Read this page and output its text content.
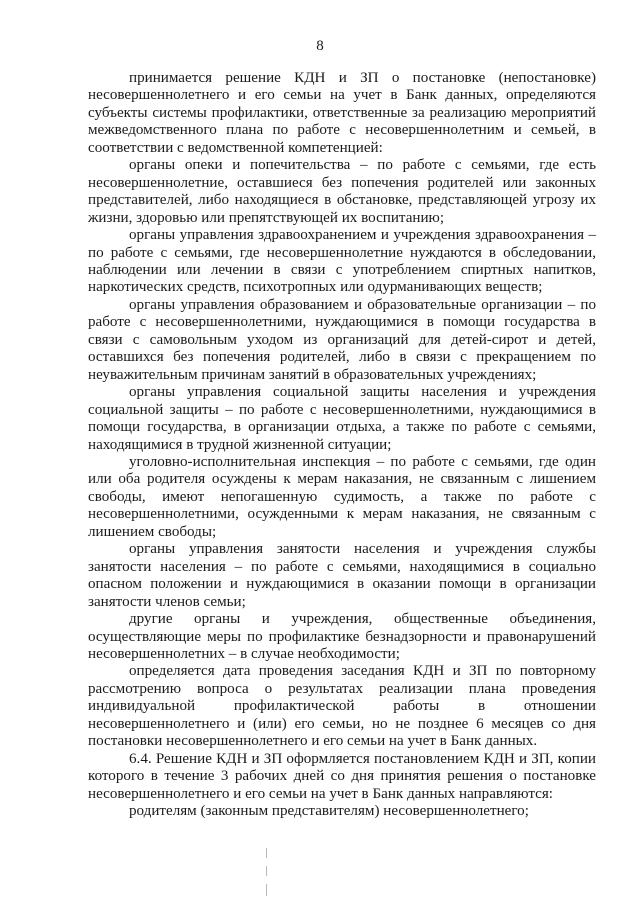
8

принимается решение КДН и ЗП о постановке (непостановке) несовершеннолетнего и его семьи на учет в Банк данных, определяются субъекты системы профилактики, ответственные за реализацию мероприятий межведомственного плана по работе с несовершеннолетним и семьей, в соответствии с ведомственной компетенцией:

органы опеки и попечительства – по работе с семьями, где есть несовершеннолетние, оставшиеся без попечения родителей или законных представителей, либо находящиеся в обстановке, представляющей угрозу их жизни, здоровью или препятствующей их воспитанию;

органы управления здравоохранением и учреждения здравоохранения – по работе с семьями, где несовершеннолетние нуждаются в обследовании, наблюдении или лечении в связи с употреблением спиртных напитков, наркотических средств, психотропных или одурманивающих веществ;

органы управления образованием и образовательные организации – по работе с несовершеннолетними, нуждающимися в помощи государства в связи с самовольным уходом из организаций для детей-сирот и детей, оставшихся без попечения родителей, либо в связи с прекращением по неуважительным причинам занятий в образовательных учреждениях;

органы управления социальной защиты населения и учреждения социальной защиты – по работе с несовершеннолетними, нуждающимися в помощи государства, в организации отдыха, а также по работе с семьями, находящимися в трудной жизненной ситуации;

уголовно-исполнительная инспекция – по работе с семьями, где один или оба родителя осуждены к мерам наказания, не связанным с лишением свободы, имеют непогашенную судимость, а также по работе с несовершеннолетними, осужденными к мерам наказания, не связанным с лишением свободы;

органы управления занятости населения и учреждения службы занятости населения – по работе с семьями, находящимися в социально опасном положении и нуждающимися в оказании помощи в организации занятости членов семьи;

другие органы и учреждения, общественные объединения, осуществляющие меры по профилактике безнадзорности и правонарушений несовершеннолетних – в случае необходимости;

определяется дата проведения заседания КДН и ЗП по повторному рассмотрению вопроса о результатах реализации плана проведения индивидуальной профилактической работы в отношении несовершеннолетнего и (или) его семьи, но не позднее 6 месяцев со дня постановки несовершеннолетнего и его семьи на учет в Банк данных.

6.4. Решение КДН и ЗП оформляется постановлением КДН и ЗП, копии которого в течение 3 рабочих дней со дня принятия решения о постановке несовершеннолетнего и его семьи на учет в Банк данных направляются:

родителям (законным представителям) несовершеннолетнего;
